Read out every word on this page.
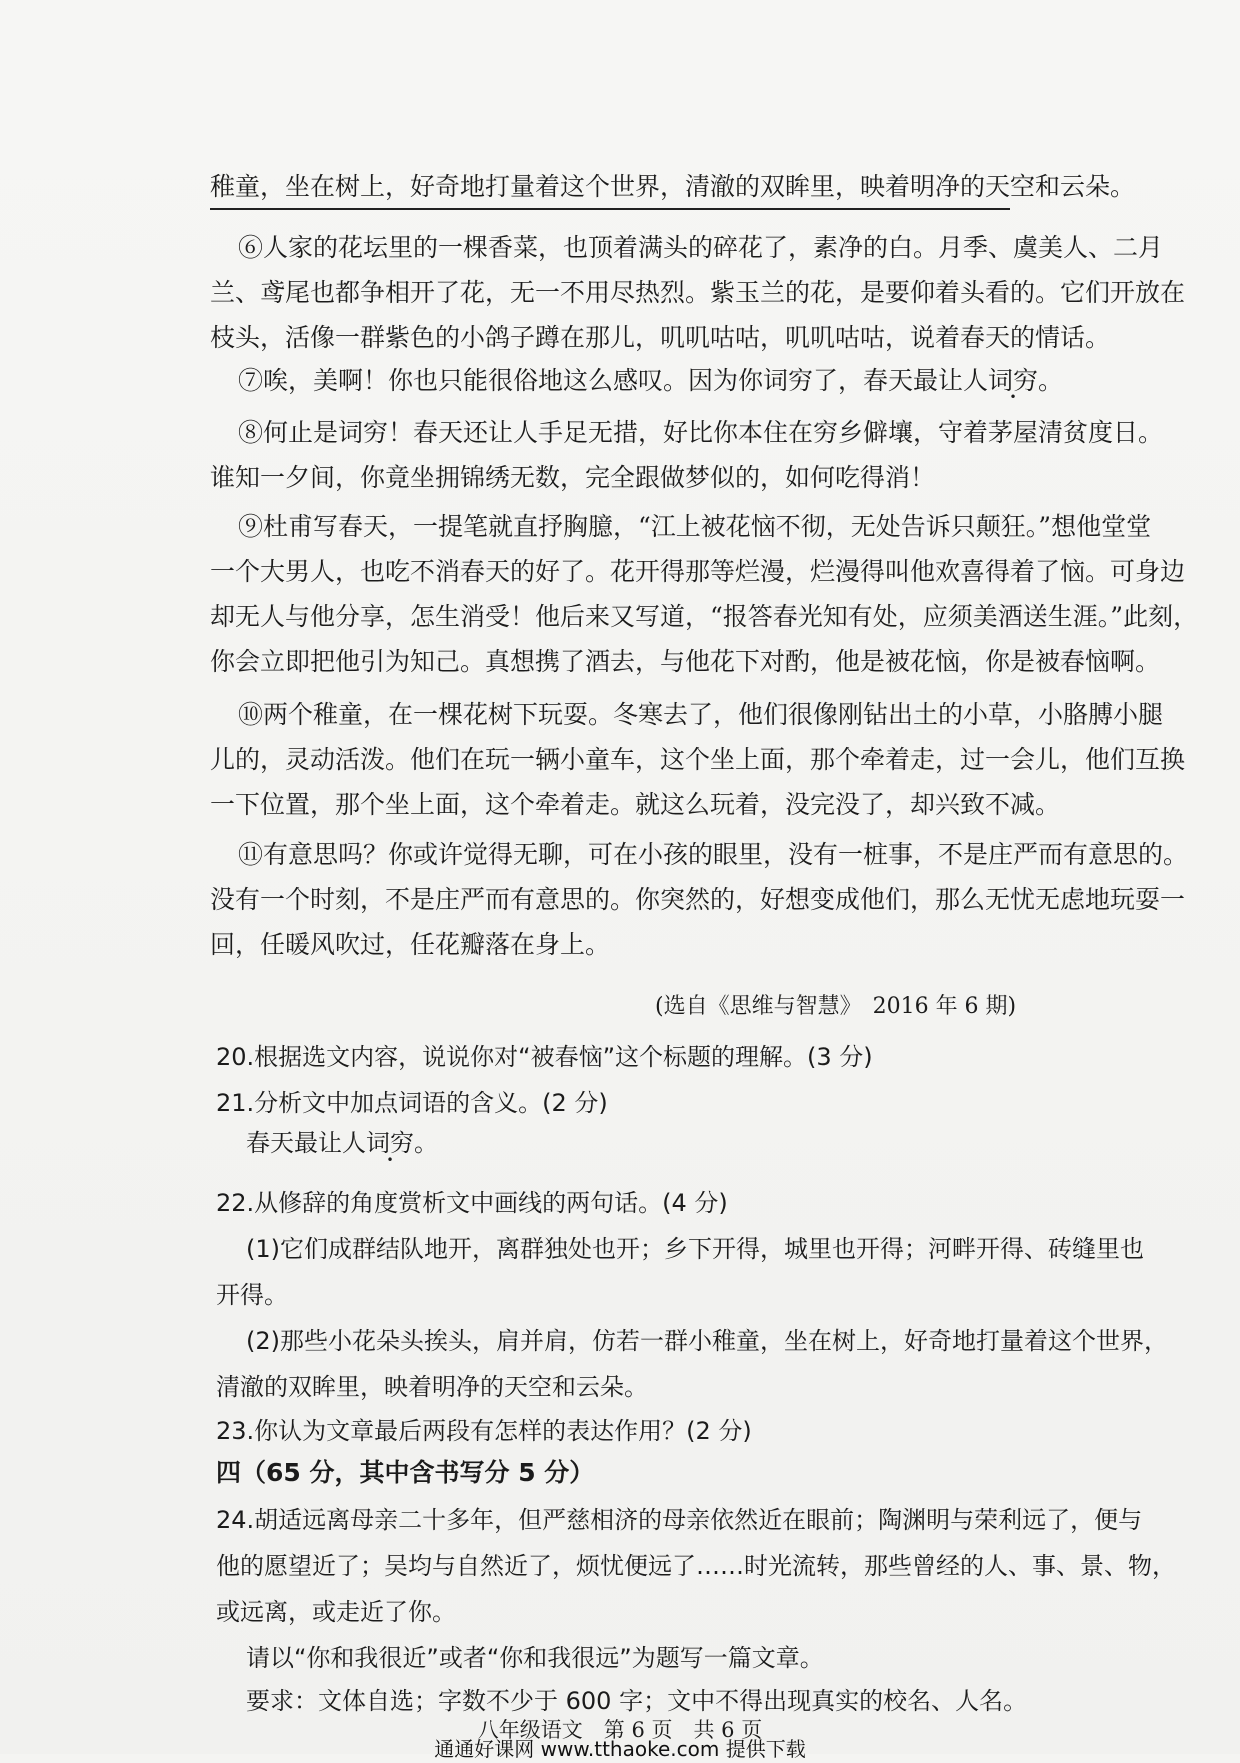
稚童，坐在树上，好奇地打量着这个世界，清澈的双眸里，映着明净的天空和云朵。
⑥人家的花坛里的一棵香菜，也顶着满头的碎花了，素净的白。月季、虞美人、二月
兰、鸢尾也都争相开了花，无一不用尽热烈。紫玉兰的花，是要仰着头看的。它们开放在
枝头，活像一群紫色的小鸽子蹲在那儿，叽叽咕咕，叽叽咕咕，说着春天的情话。
⑦唉，美啊！你也只能很俗地这么感叹。因为你词穷了，春天最让人词穷。
⑧何止是词穷！春天还让人手足无措，好比你本住在穷乡僻壤，守着茅屋清贫度日。
谁知一夕间，你竟坐拥锦绣无数，完全跟做梦似的，如何吃得消！
⑨杜甫写春天，一提笔就直抒胸臆，“江上被花恼不彻，无处告诉只颠狂。”想他堂堂
一个大男人，也吃不消春天的好了。花开得那等烂漫，烂漫得叫他欢喜得着了恼。可身边
却无人与他分享，怎生消受！他后来又写道，“报答春光知有处，应须美酒送生涯。”此刻，
你会立即把他引为知己。真想携了酒去，与他花下对酌，他是被花恼，你是被春恼啊。
⑩两个稚童，在一棵花树下玩耍。冬寒去了，他们很像刚钻出土的小草，小胳膊小腿
儿的，灵动活泼。他们在玩一辆小童车，这个坐上面，那个牵着走，过一会儿，他们互换
一下位置，那个坐上面，这个牵着走。就这么玩着，没完没了，却兴致不减。
⑪有意思吗？你或许觉得无聊，可在小孩的眼里，没有一桩事，不是庄严而有意思的。
没有一个时刻，不是庄严而有意思的。你突然的，好想变成他们，那么无忧无虑地玩耍一
回，任暖风吹过，任花瓣落在身上。
(选自《思维与智慧》　2016 年 6 期)
20.根据选文内容，说说你对“被春恼”这个标题的理解。(3 分)
21.分析文中加点词语的含义。(2 分)
春天最让人词穷。
22.从修辞的角度赏析文中画线的两句话。(4 分)
(1)它们成群结队地开，离群独处也开；乡下开得，城里也开得；河畔开得、砖缝里也
开得。
(2)那些小花朵头挨头，肩并肩，仿若一群小稚童，坐在树上，好奇地打量着这个世界，
清澈的双眸里，映着明净的天空和云朵。
23.你认为文章最后两段有怎样的表达作用？(2 分)
四（65 分，其中含书写分 5 分）
24.胡适远离母亲二十多年，但严慈相济的母亲依然近在眼前；陶渊明与荣利远了，便与
他的愿望近了；吴均与自然近了，烦忧便远了……时光流转，那些曾经的人、事、景、物，
或远离，或走近了你。
请以“你和我很近”或者“你和我很远”为题写一篇文章。
要求：文体自选；字数不少于 600 字；文中不得出现真实的校名、人名。
八年级语文　第 6 页　共 6 页
通通好课网 www.tthaoke.com 提供下载
